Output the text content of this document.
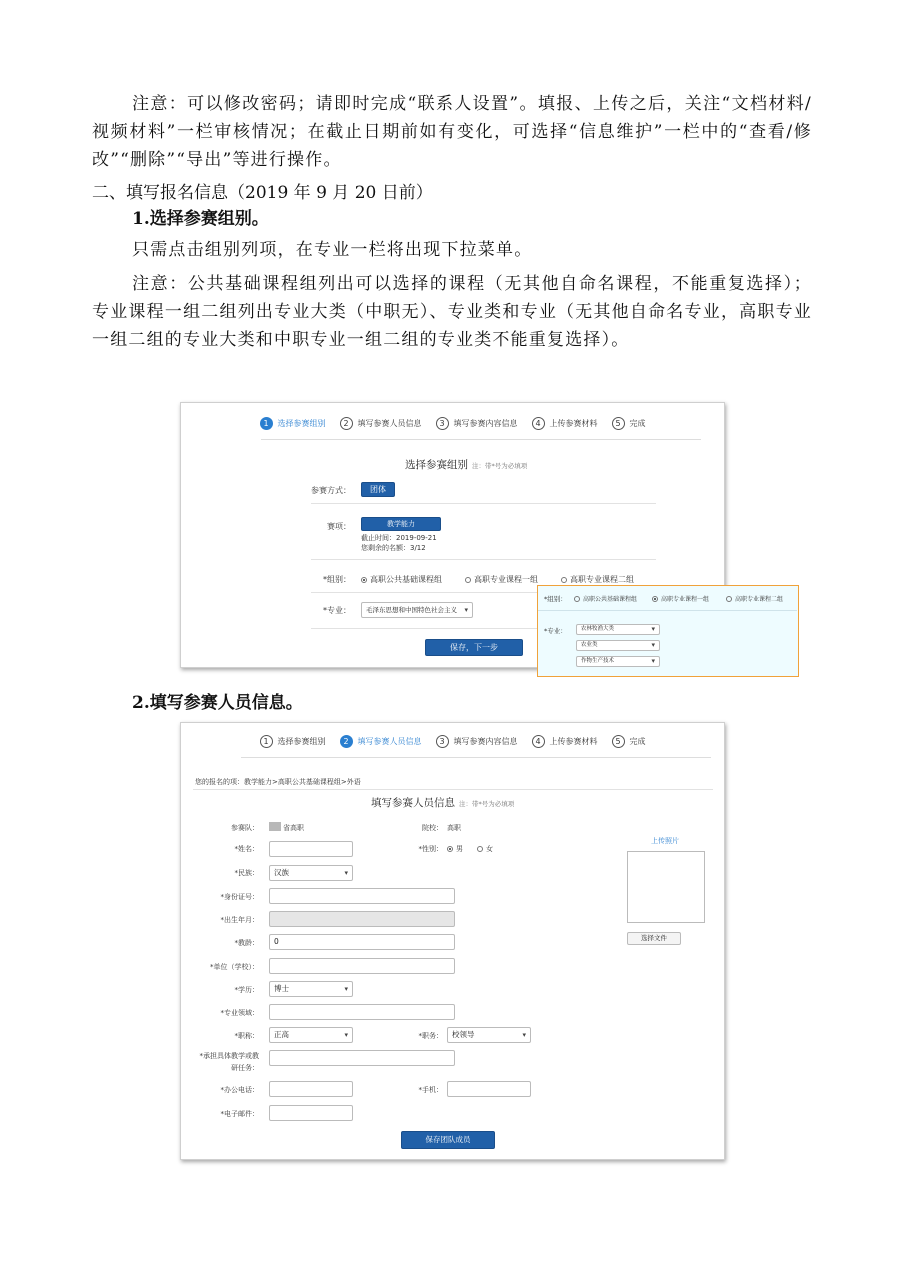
注意：可以修改密码；请即时完成“联系人设置”。填报、上传之后，关注“文档材料/视频材料”一栏审核情况；在截止日期前如有变化，可选择“信息维护”一栏中的“查看/修改”“删除”“导出”等进行操作。

二、填写报名信息（2019 年 9 月 20 日前）
1.选择参赛组别。

只需点击组别列项，在专业一栏将出现下拉菜单。

注意：公共基础课程组列出可以选择的课程（无其他自命名课程，不能重复选择）；专业课程一组二组列出专业大类（中职无）、专业类和专业（无其他自命名专业，高职专业一组二组的专业大类和中职专业一组二组的专业类不能重复选择）。

1	选择参赛组别	2	填写参赛人员信息	3	填写参赛内容信息	4	上传参赛材料	5	完成
选择参赛组别 注：带*号为必填项
参赛方式：	团体
赛项：	教学能力
截止时间：2019-09-21
您剩余的名额：3/12
*组别：	高职公共基础课程组	高职专业课程一组	高职专业课程二组
*专业：	毛泽东思想和中国特色社会主义 ▾
保存，下一步
*组别：	高职公共基础课程组	高职专业课程一组	高职专业课程二组
*专业：	农林牧渔大类 ▾
农业类 ▾
作物生产技术 ▾
2.填写参赛人员信息。
1	选择参赛组别	2	填写参赛人员信息	3	填写参赛内容信息	4	上传参赛材料	5	完成
您的报名的项：教学能力>高职公共基础课程组>外语
填写参赛人员信息 注：带*号为必填项
参赛队：	省高职	院校： 高职
*姓名：	*性别：	男	女
上传照片
选择文件
*民族：	汉族 ▾
*身份证号：
*出生年月：
*教龄：	0
*单位（学校）：
*学历：	博士 ▾
*专业领域：
*职称：	正高 ▾	*职务：	校领导 ▾
*承担具体教学或教
研任务：
*办公电话：	*手机：
*电子邮件：
保存团队成员
